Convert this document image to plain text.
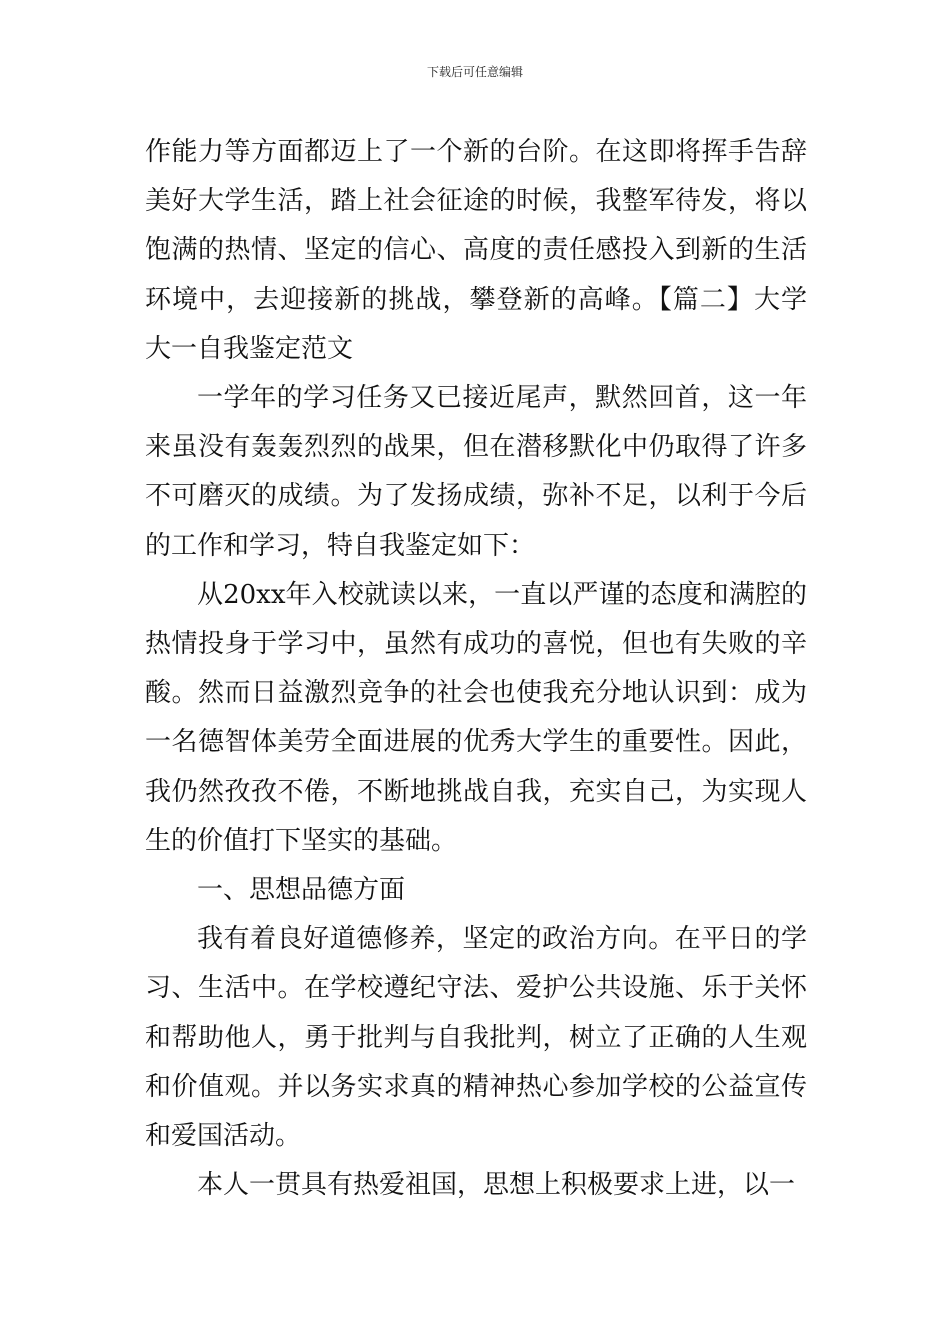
下载后可任意编辑

作能力等方面都迈上了一个新的台阶。在这即将挥手告辞美好大学生活，踏上社会征途的时候，我整军待发，将以饱满的热情、坚定的信心、高度的责任感投入到新的生活环境中，去迎接新的挑战，攀登新的高峰。【篇二】大学大一自我鉴定范文

一学年的学习任务又已接近尾声，默然回首，这一年来虽没有轰轰烈烈的战果，但在潜移默化中仍取得了许多不可磨灭的成绩。为了发扬成绩，弥补不足，以利于今后的工作和学习，特自我鉴定如下：

从20xx年入校就读以来，一直以严谨的态度和满腔的热情投身于学习中，虽然有成功的喜悦，但也有失败的辛酸。然而日益激烈竞争的社会也使我充分地认识到：成为一名德智体美劳全面进展的优秀大学生的重要性。因此，我仍然孜孜不倦，不断地挑战自我，充实自己，为实现人生的价值打下坚实的基础。

一、思想品德方面

我有着良好道德修养，坚定的政治方向。在平日的学习、生活中。在学校遵纪守法、爱护公共设施、乐于关怀和帮助他人，勇于批判与自我批判，树立了正确的人生观和价值观。并以务实求真的精神热心参加学校的公益宣传和爱国活动。

本人一贯具有热爱祖国，思想上积极要求上进，以一
